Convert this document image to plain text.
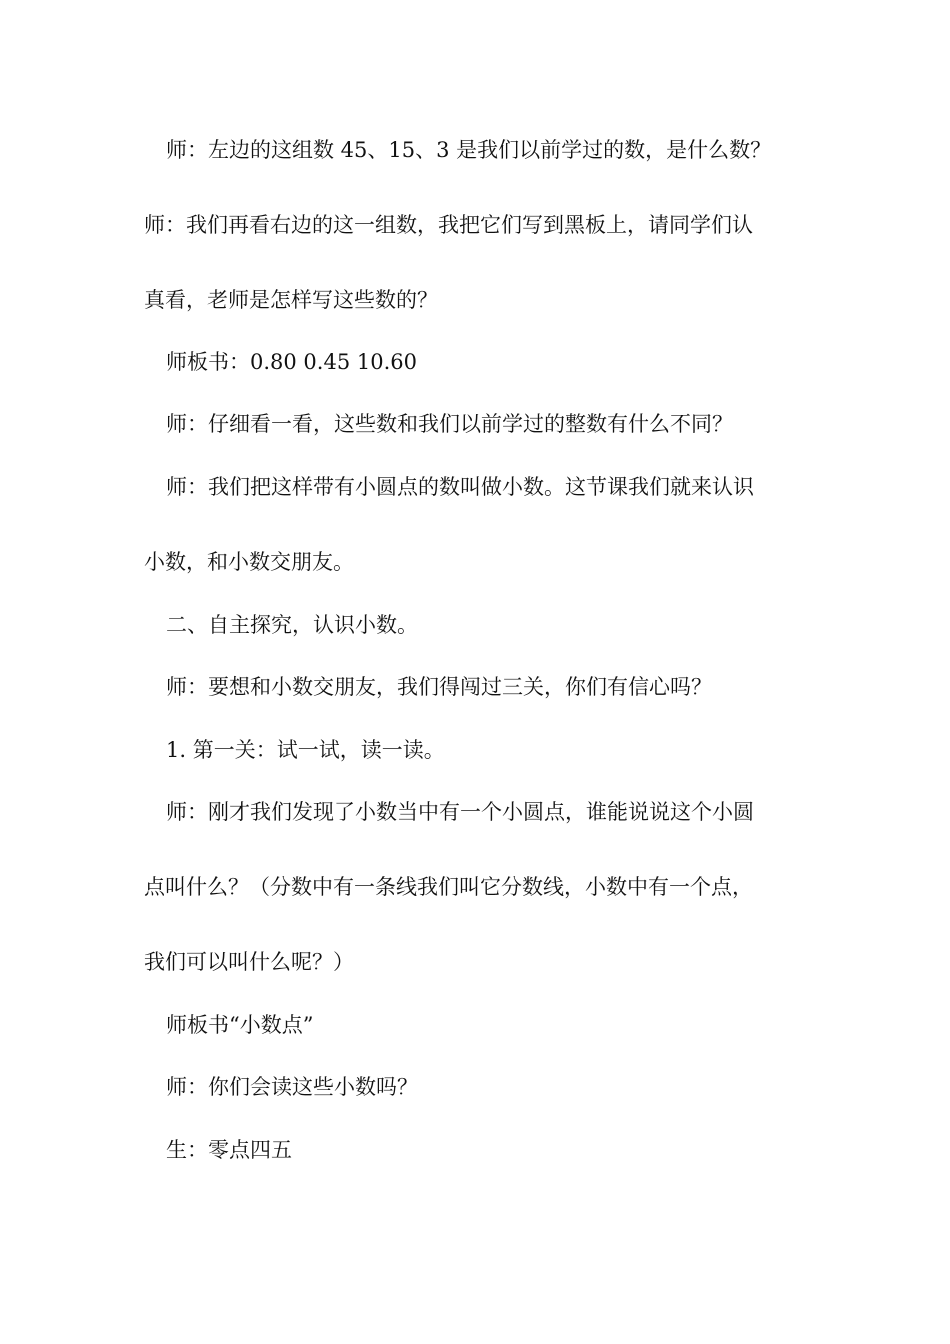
师：左边的这组数 45、15、3 是我们以前学过的数，是什么数？
师：我们再看右边的这一组数，我把它们写到黑板上，请同学们认
真看，老师是怎样写这些数的？
师板书：0.80 0.45 10.60
师：仔细看一看，这些数和我们以前学过的整数有什么不同？
师：我们把这样带有小圆点的数叫做小数。这节课我们就来认识
小数，和小数交朋友。
二、自主探究，认识小数。
师：要想和小数交朋友，我们得闯过三关，你们有信心吗？
1. 第一关：试一试，读一读。
师：刚才我们发现了小数当中有一个小圆点，谁能说说这个小圆
点叫什么？（分数中有一条线我们叫它分数线，小数中有一个点，
我们可以叫什么呢？）
师板书“小数点”
师：你们会读这些小数吗？
生：零点四五
